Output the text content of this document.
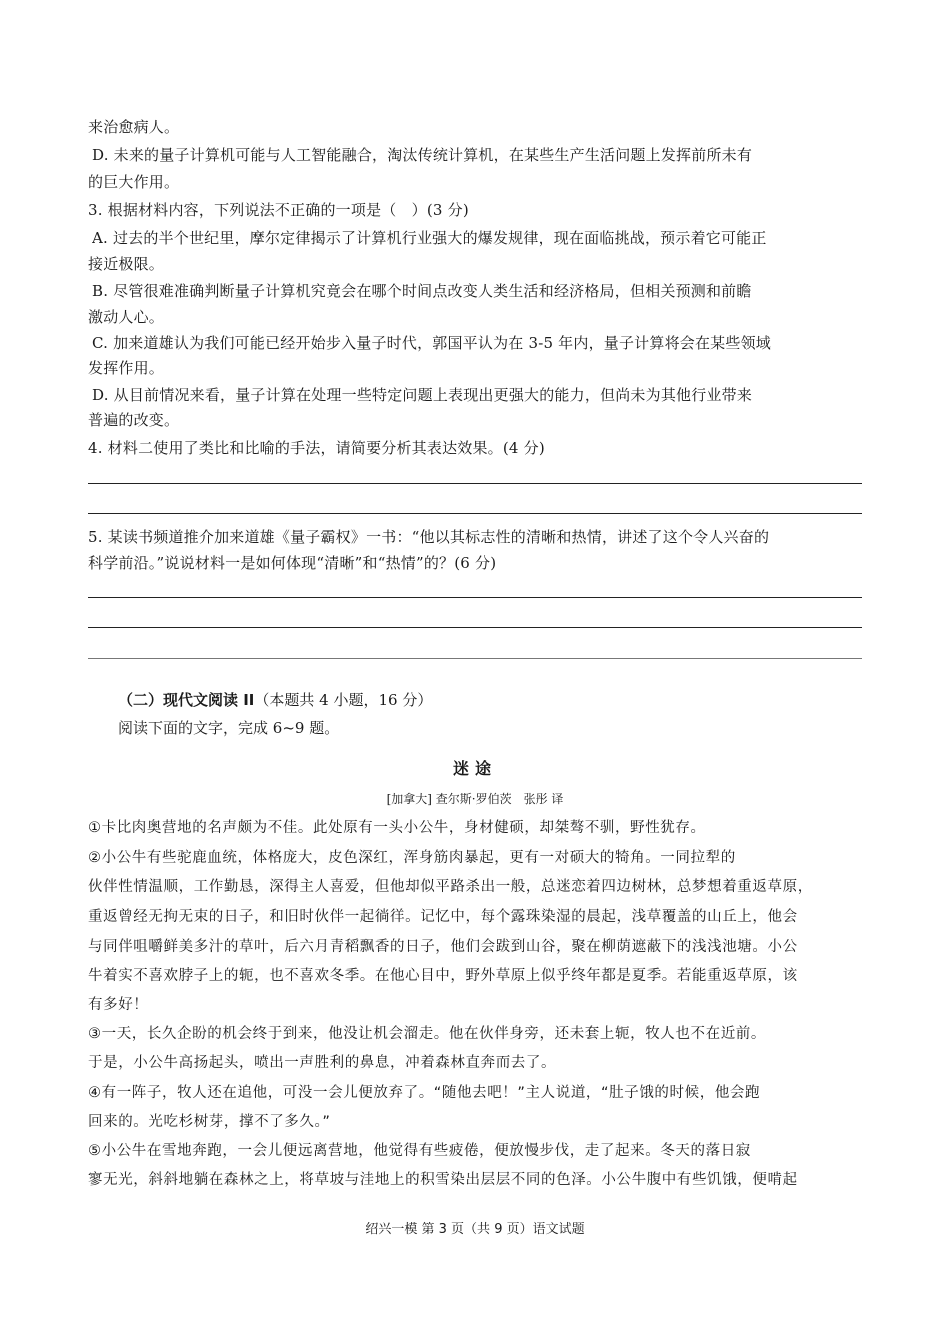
来治愈病人。
D. 未来的量子计算机可能与人工智能融合，淘汰传统计算机，在某些生产生活问题上发挥前所未有
的巨大作用。
3. 根据材料内容，下列说法不正确的一项是（　）(3 分)
A. 过去的半个世纪里，摩尔定律揭示了计算机行业强大的爆发规律，现在面临挑战，预示着它可能正
接近极限。
B. 尽管很难准确判断量子计算机究竟会在哪个时间点改变人类生活和经济格局，但相关预测和前瞻
激动人心。
C. 加来道雄认为我们可能已经开始步入量子时代，郭国平认为在 3-5 年内，量子计算将会在某些领域
发挥作用。
D. 从目前情况来看，量子计算在处理一些特定问题上表现出更强大的能力，但尚未为其他行业带来
普遍的改变。
4. 材料二使用了类比和比喻的手法，请简要分析其表达效果。(4 分)
5. 某读书频道推介加来道雄《量子霸权》一书：“他以其标志性的清晰和热情，讲述了这个令人兴奋的
科学前沿。”说说材料一是如何体现“清晰”和“热情”的？(6 分)
（二）现代文阅读 II（本题共 4 小题，16 分）
阅读下面的文字，完成 6~9 题。
迷途
[加拿大] 查尔斯·罗伯茨　张彤 译
①卡比肉奥营地的名声颇为不佳。此处原有一头小公牛，身材健硕，却桀骜不驯，野性犹存。
②小公牛有些驼鹿血统，体格庞大，皮色深红，浑身筋肉暴起，更有一对硕大的犄角。一同拉犁的
伙伴性情温顺，工作勤恳，深得主人喜爱，但他却似平路杀出一般，总迷恋着四边树林，总梦想着重返草原，
重返曾经无拘无束的日子，和旧时伙伴一起徜徉。记忆中，每个露珠染湿的晨起，浅草覆盖的山丘上，他会
与同伴咀嚼鲜美多汁的草叶，后六月青稻飘香的日子，他们会跋到山谷，聚在柳荫遮蔽下的浅浅池塘。小公
牛着实不喜欢脖子上的轭，也不喜欢冬季。在他心目中，野外草原上似乎终年都是夏季。若能重返草原，该
有多好！
③一天，长久企盼的机会终于到来，他没让机会溜走。他在伙伴身旁，还未套上轭，牧人也不在近前。
于是，小公牛高扬起头，喷出一声胜利的鼻息，冲着森林直奔而去了。
④有一阵子，牧人还在追他，可没一会儿便放弃了。“随他去吧！”主人说道，“肚子饿的时候，他会跑
回来的。光吃杉树芽，撑不了多久。”
⑤小公牛在雪地奔跑，一会儿便远离营地，他觉得有些疲倦，便放慢步伐，走了起来。冬天的落日寂
寥无光，斜斜地躺在森林之上，将草坡与洼地上的积雪染出层层不同的色泽。小公牛腹中有些饥饿，便啃起
绍兴一模 第 3 页（共 9 页）语文试题
